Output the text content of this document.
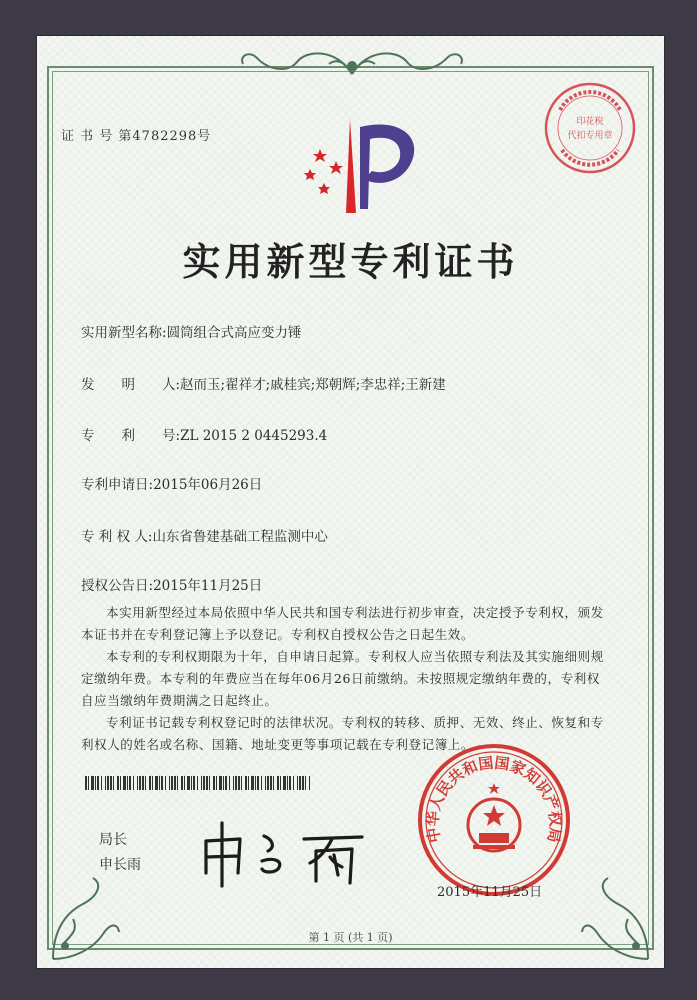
证 书 号 第4782298号
印花税
代扣专用章
实用新型专利证书
实用新型名称:圆筒组合式高应变力锤
发　　明　　人:赵而玉;翟祥才;戚桂宾;郑朝辉;李忠祥;王新建
专　　利　　号:ZL 2015 2 0445293.4
专利申请日:2015年06月26日
专 利 权 人:山东省鲁建基础工程监测中心
授权公告日:2015年11月25日

本实用新型经过本局依照中华人民共和国专利法进行初步审查，决定授予专利权，颁发本证书并在专利登记簿上予以登记。专利权自授权公告之日起生效。

本专利的专利权期限为十年，自申请日起算。专利权人应当依照专利法及其实施细则规定缴纳年费。本专利的年费应当在每年06月26日前缴纳。未按照规定缴纳年费的，专利权自应当缴纳年费期满之日起终止。

专利证书记载专利权登记时的法律状况。专利权的转移、质押、无效、终止、恢复和专利权人的姓名或名称、国籍、地址变更等事项记载在专利登记簿上。

局长
申长雨
中华人民共和国国家知识产权局
2015年11月25日
第 1 页 (共 1 页)
